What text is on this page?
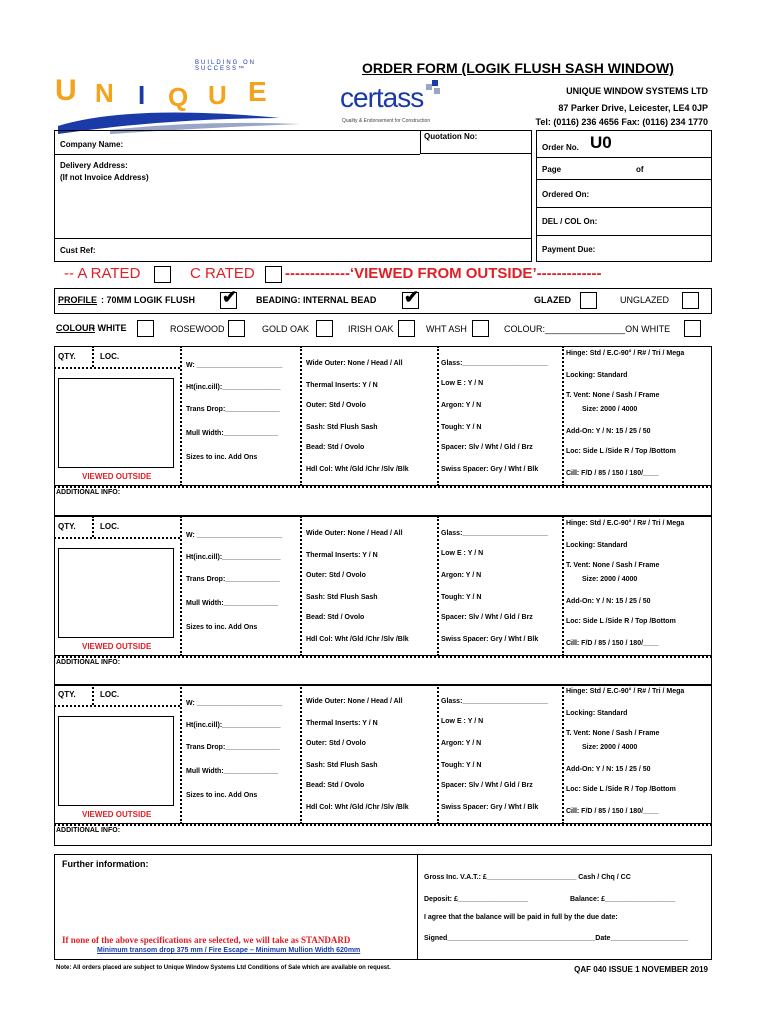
BUILDING ON SUCCESS™
U N I Q U E	certass
Quality & Endorsement for Construction
ORDER FORM (LOGIK FLUSH SASH WINDOW)
UNIQUE WINDOW SYSTEMS LTD
87 Parker Drive, Leicester, LE4 0JP
Tel: (0116) 236 4656 Fax: (0116) 234 1770
Company Name:
Quotation No:
Delivery Address:
(If not Invoice Address)
Cust Ref:
Order No. U0
Page	of
Ordered On:
DEL / COL On:
Payment Due:
-- A RATED	C RATED -------------‘VIEWED FROM OUTSIDE’-------------
PROFILE : 70MM LOGIK FLUSH ✔ BEADING: INTERNAL BEAD ✔	GLAZED	UNGLAZED
COLOUR
- WHITE	ROSEWOOD	GOLD OAK	IRISH OAK	WHT ASH	COLOUR:________________ON WHITE
QTY.	LOC.
VIEWED OUTSIDE
W: ______________________
Ht(inc.cill):_______________
Trans Drop:______________
Mull Width:______________
Sizes to inc. Add Ons
Wide Outer: None / Head / All
Thermal Inserts: Y / N
Outer: Std / Ovolo
Sash: Std Flush Sash
Bead: Std / Ovolo
Hdl Col: Wht /Gld /Chr /Slv /Blk
Glass:______________________
Low E : Y / N
Argon: Y / N
Tough: Y / N
Spacer: Slv / Wht / Gld / Brz
Swiss Spacer: Gry / Wht / Blk
Hinge: Std / E.C-90° / R# / Tri / Mega
Locking: Standard
T. Vent: None / Sash / Frame
Size: 2000 / 4000
Add-On: Y / N: 15 / 25 / 50
Loc: Side L /Side R / Top /Bottom
Cill: F/D / 85 / 150 / 180/____
ADDITIONAL INFO:
QTY.	LOC.
VIEWED OUTSIDE
W: ______________________
Ht(inc.cill):_______________
Trans Drop:______________
Mull Width:______________
Sizes to inc. Add Ons
Wide Outer: None / Head / All
Thermal Inserts: Y / N
Outer: Std / Ovolo
Sash: Std Flush Sash
Bead: Std / Ovolo
Hdl Col: Wht /Gld /Chr /Slv /Blk
Glass:______________________
Low E : Y / N
Argon: Y / N
Tough: Y / N
Spacer: Slv / Wht / Gld / Brz
Swiss Spacer: Gry / Wht / Blk
Hinge: Std / E.C-90° / R# / Tri / Mega
Locking: Standard
T. Vent: None / Sash / Frame
Size: 2000 / 4000
Add-On: Y / N: 15 / 25 / 50
Loc: Side L /Side R / Top /Bottom
Cill: F/D / 85 / 150 / 180/____
ADDITIONAL INFO:
QTY.	LOC.
VIEWED OUTSIDE
W: ______________________
Ht(inc.cill):_______________
Trans Drop:______________
Mull Width:______________
Sizes to inc. Add Ons
Wide Outer: None / Head / All
Thermal Inserts: Y / N
Outer: Std / Ovolo
Sash: Std Flush Sash
Bead: Std / Ovolo
Hdl Col: Wht /Gld /Chr /Slv /Blk
Glass:______________________
Low E : Y / N
Argon: Y / N
Tough: Y / N
Spacer: Slv / Wht / Gld / Brz
Swiss Spacer: Gry / Wht / Blk
Hinge: Std / E.C-90° / R# / Tri / Mega
Locking: Standard
T. Vent: None / Sash / Frame
Size: 2000 / 4000
Add-On: Y / N: 15 / 25 / 50
Loc: Side L /Side R / Top /Bottom
Cill: F/D / 85 / 150 / 180/____
ADDITIONAL INFO:
Further information:
Gross Inc. V.A.T.: £_______________________ Cash / Chq / CC
Deposit: £__________________	Balance: £__________________
I agree that the balance will be paid in full by the due date:
Signed______________________________________Date____________________
If none of the above specifications are selected, we will take as STANDARD
Minimum transom drop 375 mm / Fire Escape – Minimum Mullion Width 620mm
Note: All orders placed are subject to Unique Window Systems Ltd Conditions of Sale which are available on request.	QAF 040 ISSUE 1 NOVEMBER 2019
